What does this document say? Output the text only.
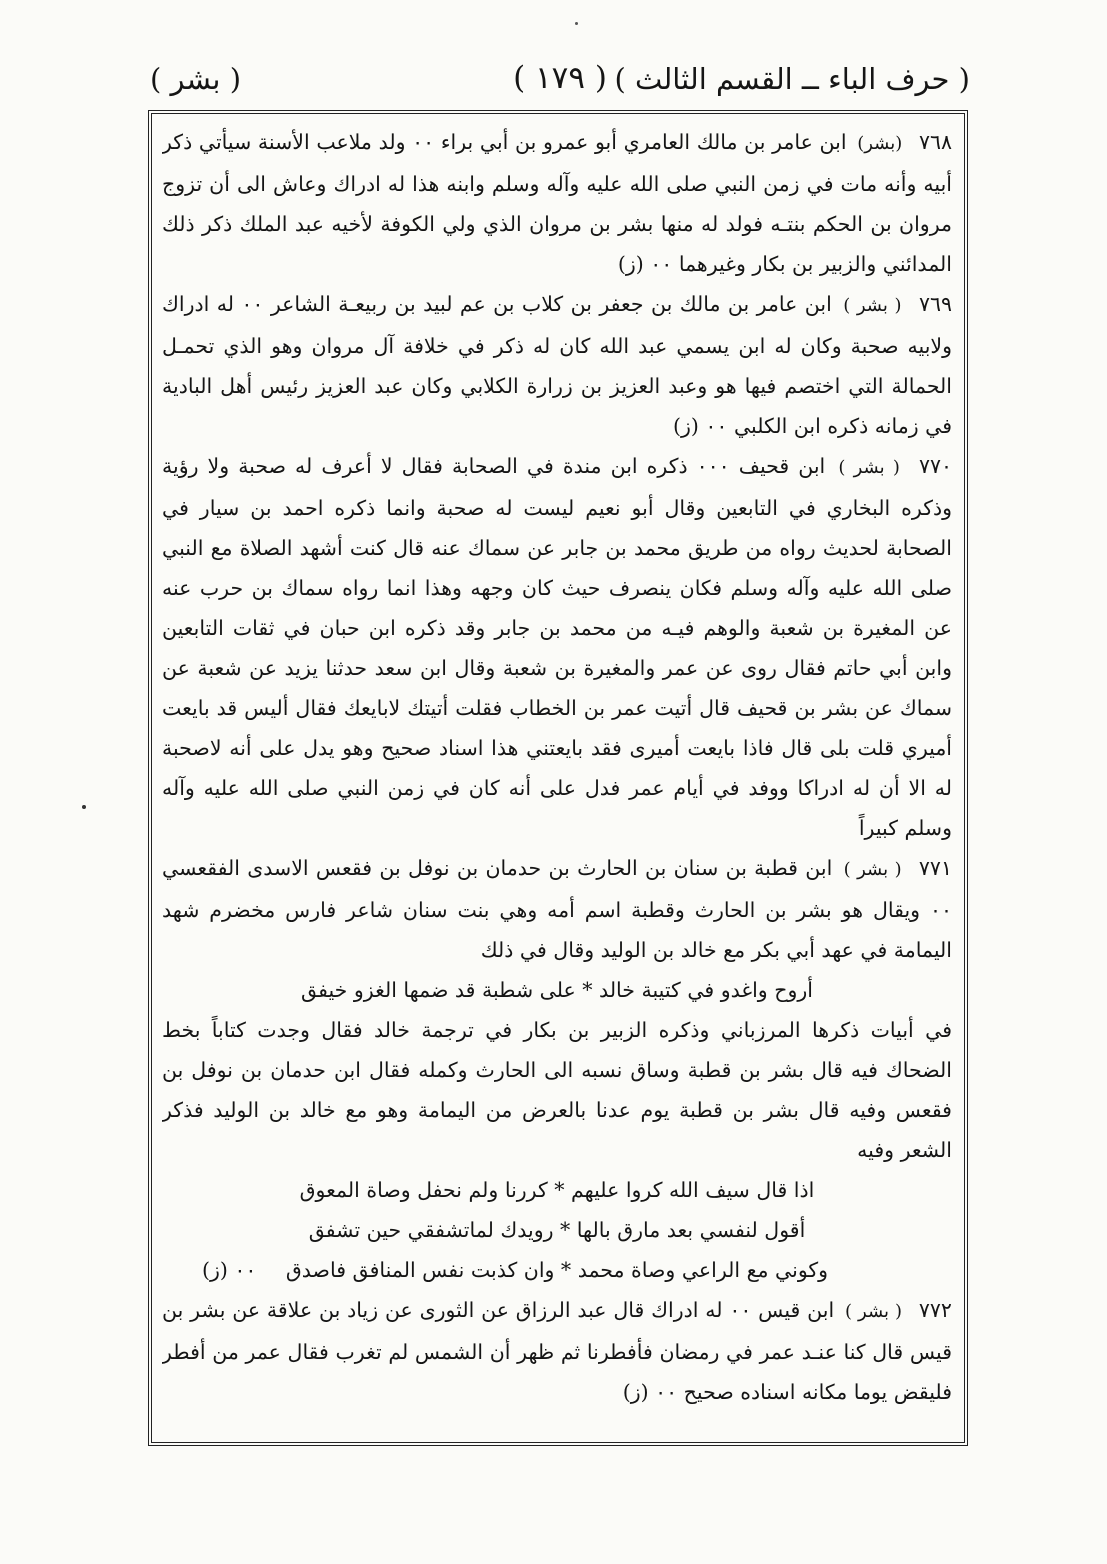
( حرف الباء ــ القسم الثالث )
( ١٧٩ )
( بشر )

٧٦٨ (بشر) ابن عامر بن مالك العامري أبو عمرو بن أبي براء ٠٠ ولد ملاعب الأسنة سيأتي ذكر أبيه وأنه مات في زمن النبي صلى الله عليه وآله وسلم وابنه هذا له ادراك وعاش الى أن تزوج مروان بن الحكم بنتـه فولد له منها بشر بن مروان الذي ولي الكوفة لأخيه عبد الملك ذكر ذلك المدائني والزبير بن بكار وغيرهما ٠٠ (ز)

٧٦٩ ( بشر ) ابن عامر بن مالك بن جعفر بن كلاب بن عم لبيد بن ربيعـة الشاعر ٠٠ له ادراك ولابيه صحبة وكان له ابن يسمي عبد الله كان له ذكر في خلافة آل مروان وهو الذي تحمـل الحمالة التي اختصم فيها هو وعبد العزيز بن زرارة الكلابي وكان عبد العزيز رئيس أهل البادية في زمانه ذكره ابن الكلبي ٠٠ (ز)

٧٧٠ ( بشر ) ابن قحيف ٠٠٠ ذكره ابن مندة في الصحابة فقال لا أعرف له صحبة ولا رؤية وذكره البخاري في التابعين وقال أبو نعيم ليست له صحبة وانما ذكره احمد بن سيار في الصحابة لحديث رواه من طريق محمد بن جابر عن سماك عنه قال كنت أشهد الصلاة مع النبي صلى الله عليه وآله وسلم فكان ينصرف حيث كان وجهه وهذا انما رواه سماك بن حرب عنه عن المغيرة بن شعبة والوهم فيـه من محمد بن جابر وقد ذكره ابن حبان في ثقات التابعين وابن أبي حاتم فقال روى عن عمر والمغيرة بن شعبة وقال ابن سعد حدثنا يزيد عن شعبة عن سماك عن بشر بن قحيف قال أتيت عمر بن الخطاب فقلت أتيتك لابايعك فقال أليس قد بايعت أميري قلت بلى قال فاذا بايعت أميرى فقد بايعتني هذا اسناد صحيح وهو يدل على أنه لاصحبة له الا أن له ادراكا ووفد في أيام عمر فدل على أنه كان في زمن النبي صلى الله عليه وآله وسلم كبيراً

٧٧١ ( بشر ) ابن قطبة بن سنان بن الحارث بن حدمان بن نوفل بن فقعس الاسدى الفقعسي ٠٠ ويقال هو بشر بن الحارث وقطبة اسم أمه وهي بنت سنان شاعر فارس مخضرم شهد اليمامة في عهد أبي بكر مع خالد بن الوليد وقال في ذلك

أروح واغدو في كتيبة خالد * على شطبة قد ضمها الغزو خيفق

في أبيات ذكرها المرزباني وذكره الزبير بن بكار في ترجمة خالد فقال وجدت كتاباً بخط الضحاك فيه قال بشر بن قطبة وساق نسبه الى الحارث وكمله فقال ابن حدمان بن نوفل بن فقعس وفيه قال بشر بن قطبة يوم عدنا بالعرض من اليمامة وهو مع خالد بن الوليد فذكر الشعر وفيه

اذا قال سيف الله كروا عليهم * كررنا ولم نحفل وصاة المعوق

أقول لنفسي بعد مارق بالها * رويدك لماتشفقي حين تشفق

وكوني مع الراعي وصاة محمد * وان كذبت نفس المنافق فاصدق
٠٠ (ز)

٧٧٢ ( بشر ) ابن قيس ٠٠ له ادراك قال عبد الرزاق عن الثورى عن زياد بن علاقة عن بشر بن قيس قال كنا عنـد عمر في رمضان فأفطرنا ثم ظهر أن الشمس لم تغرب فقال عمر من أفطر فليقض يوما مكانه اسناده صحيح ٠٠ (ز)
